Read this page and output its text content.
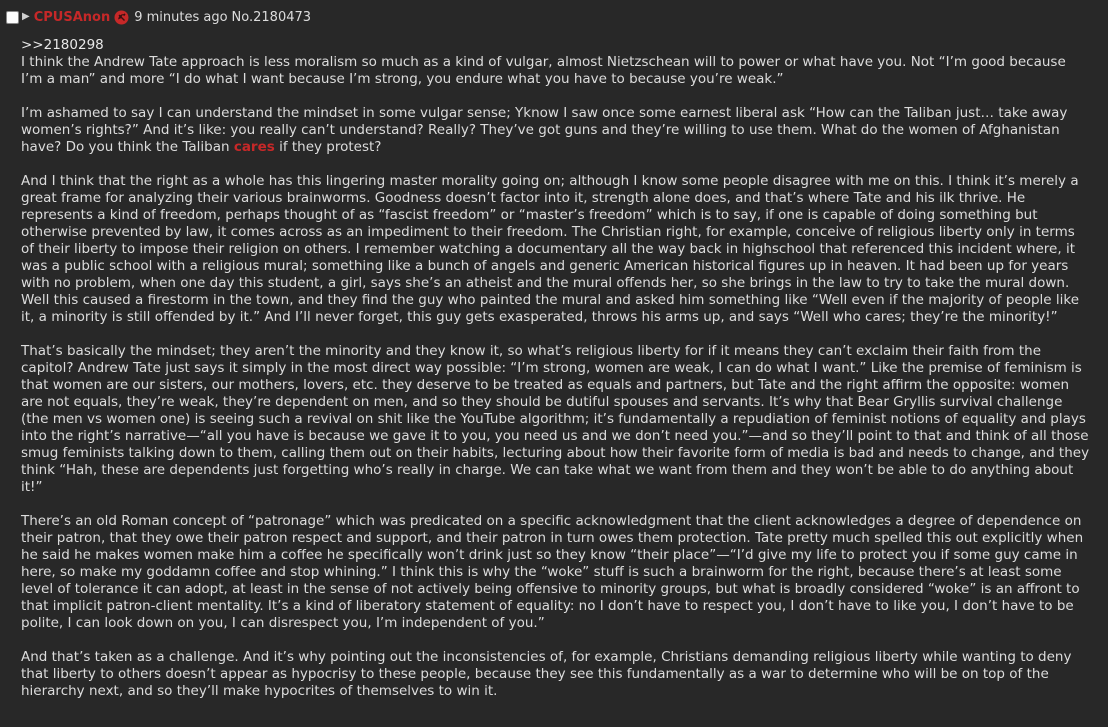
▶ CPUSAnon 9 minutes ago No.2180473
>>2180298

I think the Andrew Tate approach is less moralism so much as a kind of vulgar, almost Nietzschean will to power or what have you. Not “I’m good because I’m a man” and more “I do what I want because I’m strong, you endure what you have to because you’re weak.”

I’m ashamed to say I can understand the mindset in some vulgar sense; Yknow I saw once some earnest liberal ask “How can the Taliban just… take away women’s rights?” And it’s like: you really can’t understand? Really? They’ve got guns and they’re willing to use them. What do the women of Afghanistan have? Do you think the Taliban cares if they protest?

And I think that the right as a whole has this lingering master morality going on; although I know some people disagree with me on this. I think it’s merely a great frame for analyzing their various brainworms. Goodness doesn’t factor into it, strength alone does, and that’s where Tate and his ilk thrive. He represents a kind of freedom, perhaps thought of as “fascist freedom” or “master’s freedom” which is to say, if one is capable of doing something but otherwise prevented by law, it comes across as an impediment to their freedom. The Christian right, for example, conceive of religious liberty only in terms of their liberty to impose their religion on others. I remember watching a documentary all the way back in highschool that referenced this incident where, it was a public school with a religious mural; something like a bunch of angels and generic American historical figures up in heaven. It had been up for years with no problem, when one day this student, a girl, says she’s an atheist and the mural offends her, so she brings in the law to try to take the mural down. Well this caused a firestorm in the town, and they find the guy who painted the mural and asked him something like “Well even if the majority of people like it, a minority is still offended by it.” And I’ll never forget, this guy gets exasperated, throws his arms up, and says “Well who cares; they’re the minority!”

That’s basically the mindset; they aren’t the minority and they know it, so what’s religious liberty for if it means they can’t exclaim their faith from the capitol? Andrew Tate just says it simply in the most direct way possible: “I’m strong, women are weak, I can do what I want.” Like the premise of feminism is that women are our sisters, our mothers, lovers, etc. they deserve to be treated as equals and partners, but Tate and the right affirm the opposite: women are not equals, they’re weak, they’re dependent on men, and so they should be dutiful spouses and servants. It’s why that Bear Gryllis survival challenge (the men vs women one) is seeing such a revival on shit like the YouTube algorithm; it’s fundamentally a repudiation of feminist notions of equality and plays into the right’s narrative—“all you have is because we gave it to you, you need us and we don’t need you.”—and so they’ll point to that and think of all those smug feminists talking down to them, calling them out on their habits, lecturing about how their favorite form of media is bad and needs to change, and they think “Hah, these are dependents just forgetting who’s really in charge. We can take what we want from them and they won’t be able to do anything about it!”

There’s an old Roman concept of “patronage” which was predicated on a specific acknowledgment that the client acknowledges a degree of dependence on their patron, that they owe their patron respect and support, and their patron in turn owes them protection. Tate pretty much spelled this out explicitly when he said he makes women make him a coffee he specifically won’t drink just so they know “their place”—“I’d give my life to protect you if some guy came in here, so make my goddamn coffee and stop whining.” I think this is why the “woke” stuff is such a brainworm for the right, because there’s at least some level of tolerance it can adopt, at least in the sense of not actively being offensive to minority groups, but what is broadly considered “woke” is an affront to that implicit patron-client mentality. It’s a kind of liberatory statement of equality: no I don’t have to respect you, I don’t have to like you, I don’t have to be polite, I can look down on you, I can disrespect you, I’m independent of you.”

And that’s taken as a challenge. And it’s why pointing out the inconsistencies of, for example, Christians demanding religious liberty while wanting to deny that liberty to others doesn’t appear as hypocrisy to these people, because they see this fundamentally as a war to determine who will be on top of the hierarchy next, and so they’ll make hypocrites of themselves to win it.
